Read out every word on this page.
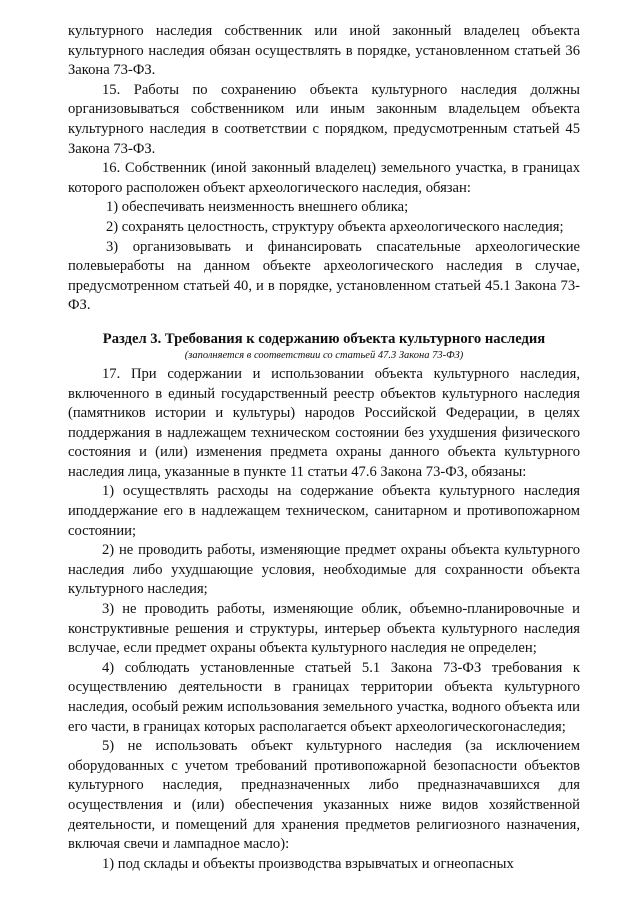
культурного наследия собственник или иной законный владелец объекта культурного наследия обязан осуществлять в порядке, установленном статьей 36 Закона 73-ФЗ.

15. Работы по сохранению объекта культурного наследия должны организовываться собственником или иным законным владельцем объекта культурного наследия в соответствии с порядком, предусмотренным статьей 45 Закона 73-ФЗ.

16. Собственник (иной законный владелец) земельного участка, в границах которого расположен объект археологического наследия, обязан:

1) обеспечивать неизменность внешнего облика;

2) сохранять целостность, структуру объекта археологического наследия;

3) организовывать и финансировать спасательные археологические полевыеработы на данном объекте археологического наследия в случае, предусмотренном статьей 40, и в порядке, установленном статьей 45.1 Закона 73-ФЗ.

Раздел 3. Требования к содержанию объекта культурного наследия
(заполняется в соответствии со статьей 47.3 Закона 73-ФЗ)

17. При содержании и использовании объекта культурного наследия, включенного в единый государственный реестр объектов культурного наследия (памятников истории и культуры) народов Российской Федерации, в целях поддержания в надлежащем техническом состоянии без ухудшения физического состояния и (или) изменения предмета охраны данного объекта культурного наследия лица, указанные в пункте 11 статьи 47.6 Закона 73-ФЗ, обязаны:

1) осуществлять расходы на содержание объекта культурного наследия иподдержание его в надлежащем техническом, санитарном и противопожарном состоянии;

2) не проводить работы, изменяющие предмет охраны объекта культурного наследия либо ухудшающие условия, необходимые для сохранности объекта культурного наследия;

3) не проводить работы, изменяющие облик, объемно-планировочные и конструктивные решения и структуры, интерьер объекта культурного наследия вслучае, если предмет охраны объекта культурного наследия не определен;

4) соблюдать установленные статьей 5.1 Закона 73-ФЗ требования к осуществлению деятельности в границах территории объекта культурного наследия, особый режим использования земельного участка, водного объекта или его части, в границах которых располагается объект археологическогонаследия;

5) не использовать объект культурного наследия (за исключением оборудованных с учетом требований противопожарной безопасности объектов культурного наследия, предназначенных либо предназначавшихся для осуществления и (или) обеспечения указанных ниже видов хозяйственной деятельности, и помещений для хранения предметов религиозного назначения, включая свечи и лампадное масло):

1) под склады и объекты производства взрывчатых и огнеопасных
